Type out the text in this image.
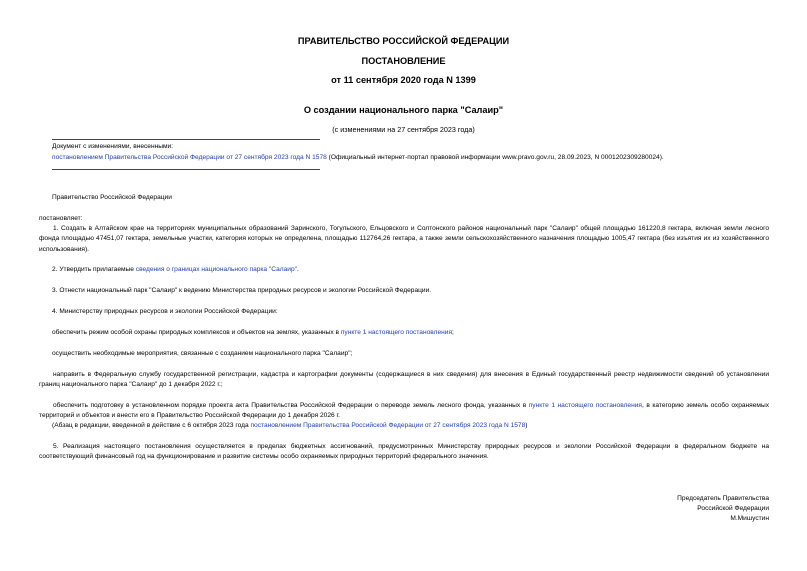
ПРАВИТЕЛЬСТВО РОССИЙСКОЙ ФЕДЕРАЦИИ
ПОСТАНОВЛЕНИЕ
от 11 сентября 2020 года N 1399
О создании национального парка "Салаир"
(с изменениями на 27 сентября 2023 года)
Документ с изменениями, внесенными:
постановлением Правительства Российской Федерации от 27 сентября 2023 года N 1578 (Официальный интернет-портал правовой информации www.pravo.gov.ru, 28.09.2023, N 0001202309280024).
Правительство Российской Федерации
постановляет:
1. Создать в Алтайском крае на территориях муниципальных образований Заринского, Тогульского, Ельцовского и Солтонского районов национальный парк "Салаир" общей площадью 161220,8 гектара, включая земли лесного фонда площадью 47451,07 гектара, земельные участки, категория которых не определена, площадью 112764,26 гектара, а также земли сельскохозяйственного назначения площадью 1005,47 гектара (без изъятия их из хозяйственного использования).
2. Утвердить прилагаемые сведения о границах национального парка "Салаир".
3. Отнести национальный парк "Салаир" к ведению Министерства природных ресурсов и экологии Российской Федерации.
4. Министерству природных ресурсов и экологии Российской Федерации:
обеспечить режим особой охраны природных комплексов и объектов на землях, указанных в пункте 1 настоящего постановления;
осуществить необходимые мероприятия, связанные с созданием национального парка "Салаир";
направить в Федеральную службу государственной регистрации, кадастра и картографии документы (содержащиеся в них сведения) для внесения в Единый государственный реестр недвижимости сведений об установлении границ национального парка "Салаир" до 1 декабря 2022 г.;
обеспечить подготовку в установленном порядке проекта акта Правительства Российской Федерации о переводе земель лесного фонда, указанных в пункте 1 настоящего постановления, в категорию земель особо охраняемых территорий и объектов и внести его в Правительство Российской Федерации до 1 декабря 2026 г.
(Абзац в редакции, введенной в действие с 6 октября 2023 года постановлением Правительства Российской Федерации от 27 сентября 2023 года N 1578)
5. Реализация настоящего постановления осуществляется в пределах бюджетных ассигнований, предусмотренных Министерству природных ресурсов и экологии Российской Федерации в федеральном бюджете на соответствующий финансовый год на функционирование и развитие системы особо охраняемых природных территорий федерального значения.
Председатель Правительства
Российской Федерации
М.Мишустин
